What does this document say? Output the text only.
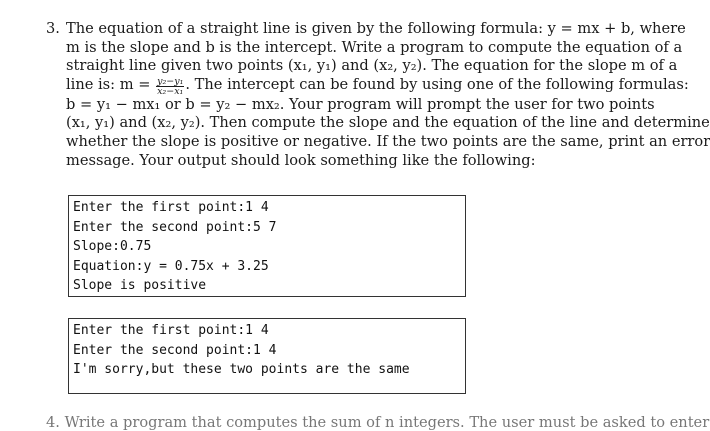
3. The equation of a straight line is given by the following formula: y = mx + b, where
m is the slope and b is the intercept. Write a program to compute the equation of a
straight line given two points (x₁, y₁) and (x₂, y₂). The equation for the slope m of a
line is: $m = \frac{\text{y₂−y₁}}{\text{x₂−x₁}}$ . The intercept can be found by using one of the following formulas:
b = y₁ − mx₁ or b = y₂ − mx₂. Your program will prompt the user for two points
(x₁, y₁) and (x₂, y₂). Then compute the slope and the equation of the line and determine
whether the slope is positive or negative. If the two points are the same, print an error
message. Your output should look something like the following:
Enter the first point:1 4
Enter the second point:5 7
Slope:0.75
Equation:y = 0.75x + 3.25
Slope is positive
Enter the first point:1 4
Enter the second point:1 4
I'm sorry,but these two points are the same
4. Write a program that computes the sum of n integers. The user must be asked to enter
